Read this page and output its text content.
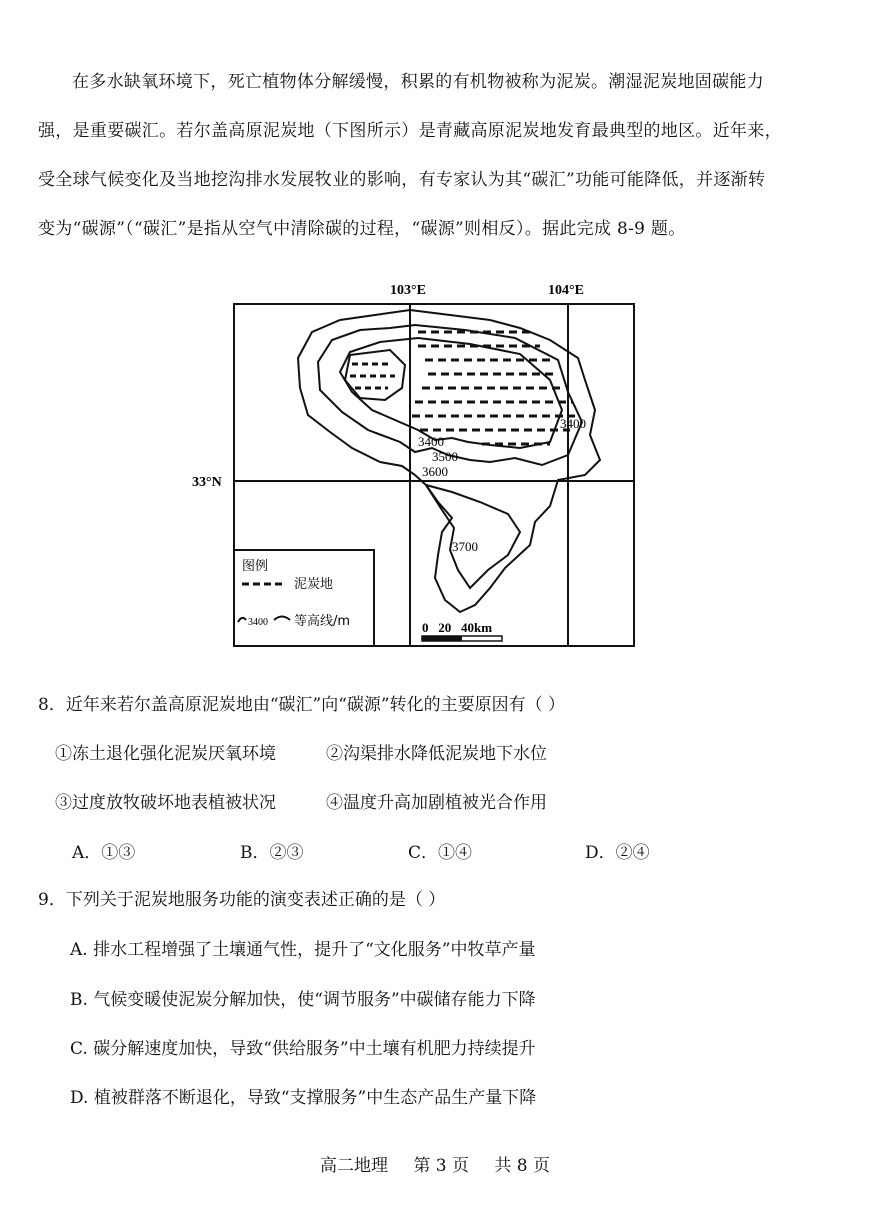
在多水缺氧环境下，死亡植物体分解缓慢，积累的有机物被称为泥炭。潮湿泥炭地固碳能力
强，是重要碳汇。若尔盖高原泥炭地（下图所示）是青藏高原泥炭地发育最典型的地区。近年来，
受全球气候变化及当地挖沟排水发展牧业的影响，有专家认为其“碳汇”功能可能降低，并逐渐转
变为“碳源”（“碳汇”是指从空气中清除碳的过程，“碳源”则相反）。据此完成 8-9 题。
103°E	104°E
33°N
3400
3500
3600
3700
3400
图例
泥炭地
3400 等高线/m	0   20   40km
8．近年来若尔盖高原泥炭地由“碳汇”向“碳源”转化的主要原因有（ ）
①冻土退化强化泥炭厌氧环境	②沟渠排水降低泥炭地下水位
③过度放牧破坏地表植被状况	④温度升高加剧植被光合作用
A．①③	B．②③	C．①④	D．②④
9．下列关于泥炭地服务功能的演变表述正确的是（ ）
A. 排水工程增强了土壤通气性，提升了“文化服务”中牧草产量
B. 气候变暖使泥炭分解加快，使“调节服务”中碳储存能力下降
C. 碳分解速度加快，导致“供给服务”中土壤有机肥力持续提升
D. 植被群落不断退化，导致“支撑服务”中生态产品生产量下降
高二地理 第 3 页 共 8 页
